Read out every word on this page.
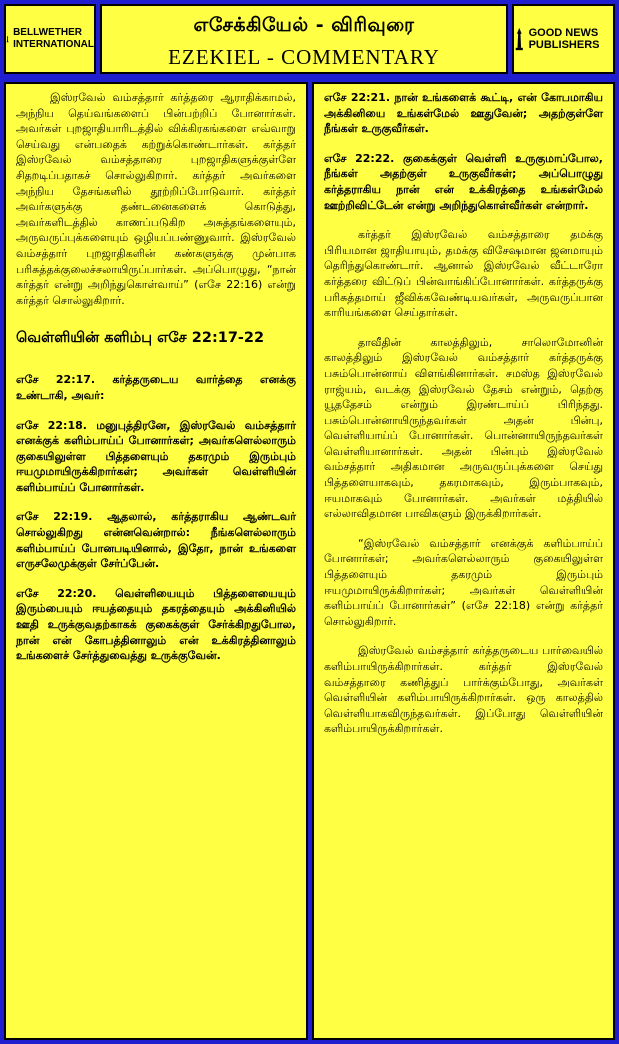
BELLWETHER INTERNATIONAL
எசேக்கியேல் - விரிவுரை
EZEKIEL - COMMENTARY
GOOD NEWS PUBLISHERS

இஸ்ரவேல் வம்சத்தார் கர்த்தரை ஆராதிக்காமல், அந்நிய தெய்வங்களைப் பின்பற்றிப் போனார்கள். அவர்கள் புறஜாதியாரிடத்தில் விக்கிரகங்களை எவ்வாறு செய்வது என்பதைக் கற்றுக்கொண்டார்கள். கர்த்தர் இஸ்ரவேல் வம்சத்தாரை புறஜாதிகளுக்குள்ளே சிதறடிப்பதாகச் சொல்லுகிறார். கர்த்தர் அவர்களை அந்நிய தேசங்களில் தூற்றிப்போடுவார். கர்த்தர் அவர்களுக்கு தண்டனைகளைக் கொடுத்து, அவர்களிடத்தில் காணப்படுகிற அசுத்தங்களையும், அருவருப்புக்களையும் ஒழியப்பண்ணுவார். இஸ்ரவேல் வம்சத்தார் புறஜாதிகளின் கண்களுக்கு முன்பாக பரிசுத்தக்குலைச்சலாயிருப்பார்கள். அப்பொழுது, “நான் கர்த்தர் என்று அறிந்துகொள்வாய்” (எசே 22:16) என்று கர்த்தர் சொல்லுகிறார்.

வெள்ளியின் களிம்பு எசே 22:17-22

எசே 22:17. கர்த்தருடைய வார்த்தை எனக்கு உண்டாகி, அவர்:

எசே 22:18. மனுபுத்திரனே, இஸ்ரவேல் வம்சத்தார் எனக்குக் களிம்பாய்ப் போனார்கள்; அவர்களெல்லாரும் குகையிலுள்ள பித்தளையும் தகரமும் இரும்பும் ஈயமுமாயிருக்கிறார்கள்; அவர்கள் வெள்ளியின் களிம்பாய்ப் போனார்கள்.

எசே 22:19. ஆதலால், கர்த்தராகிய ஆண்டவர் சொல்லுகிறது என்னவென்றால்: நீங்களெல்லாரும் களிம்பாய்ப் போனபடியினால், இதோ, நான் உங்களை எருசலேமுக்குள் சேர்ப்பேன்.

எசே 22:20. வெள்ளியையும் பித்தளையையும் இரும்பையும் ஈயத்தையும் தகரத்தையும் அக்கினியில் ஊதி உருக்குவதற்காகக் குகைக்குள் சேர்க்கிறதுபோல, நான் என் கோபத்தினாலும் என் உக்கிரத்தினாலும் உங்களைச் சேர்த்துவைத்து உருக்குவேன்.

எசே 22:21. நான் உங்களைக் கூட்டி, என் கோபமாகிய அக்கினியை உங்கள்மேல் ஊதுவேன்; அதற்குள்ளே நீங்கள் உருகுவீர்கள்.

எசே 22:22. குகைக்குள் வெள்ளி உருகுமாப்போல, நீங்கள் அதற்குள் உருகுவீர்கள்; அப்பொழுது கர்த்தராகிய நான் என் உக்கிரத்தை உங்கள்மேல் ஊற்றிவிட்டேன் என்று அறிந்துகொள்வீர்கள் என்றார்.

கர்த்தர் இஸ்ரவேல் வம்சத்தாரை தமக்கு பிரியமான ஜாதியாயும், தமக்கு விசேஷமான ஜனமாயும் தெரிந்துகொண்டார். ஆனால் இஸ்ரவேல் வீட்டாரோ கர்த்தரை விட்டுப் பின்வாங்கிப்போனார்கள். கர்த்தருக்கு பரிசுத்தமாய் ஜீவிக்கவேண்டியவர்கள், அருவருப்பான காரியங்களை செய்தார்கள்.

தாவீதின் காலத்திலும், சாலொமோனின் காலத்திலும் இஸ்ரவேல் வம்சத்தார் கர்த்தருக்கு பசும்பொன்னாய் விளங்கினார்கள். சமஸ்த இஸ்ரவேல் ராஜ்யம், வடக்கு இஸ்ரவேல் தேசம் என்றும், தெற்கு யூததேசம் என்றும் இரண்டாய்ப் பிரிந்தது. பசும்பொன்னாயிருந்தவர்கள் அதன் பின்பு, வெள்ளியாய்ப் போனார்கள். பொன்னாயிருந்தவர்கள் வெள்ளியானார்கள். அதன் பின்பும் இஸ்ரவேல் வம்சத்தார் அதிகமான அருவருப்புக்களை செய்து பித்தளையாகவும், தகரமாகவும், இரும்பாகவும், ஈயமாகவும் போனார்கள். அவர்கள் மத்தியில் எல்லாவிதமான பாவிகளும் இருக்கிறார்கள்.

“இஸ்ரவேல் வம்சத்தார் எனக்குக் களிம்பாய்ப் போனார்கள்; அவர்களெல்லாரும் குகையிலுள்ள பித்தளையும் தகரமும் இரும்பும் ஈயமுமாயிருக்கிறார்கள்; அவர்கள் வெள்ளியின் களிம்பாய்ப் போனார்கள்” (எசே 22:18) என்று கர்த்தர் சொல்லுகிறார்.

இஸ்ரவேல் வம்சத்தார் கர்த்தருடைய பார்வையில் களிம்பாயிருக்கிறார்கள். கர்த்தர் இஸ்ரவேல் வம்சத்தாரை கணித்துப் பார்க்கும்போது, அவர்கள் வெள்ளியின் களிம்பாயிருக்கிறார்கள். ஒரு காலத்தில் வெள்ளியாகவிருந்தவர்கள். இப்போது வெள்ளியின் களிம்பாயிருக்கிறார்கள்.
